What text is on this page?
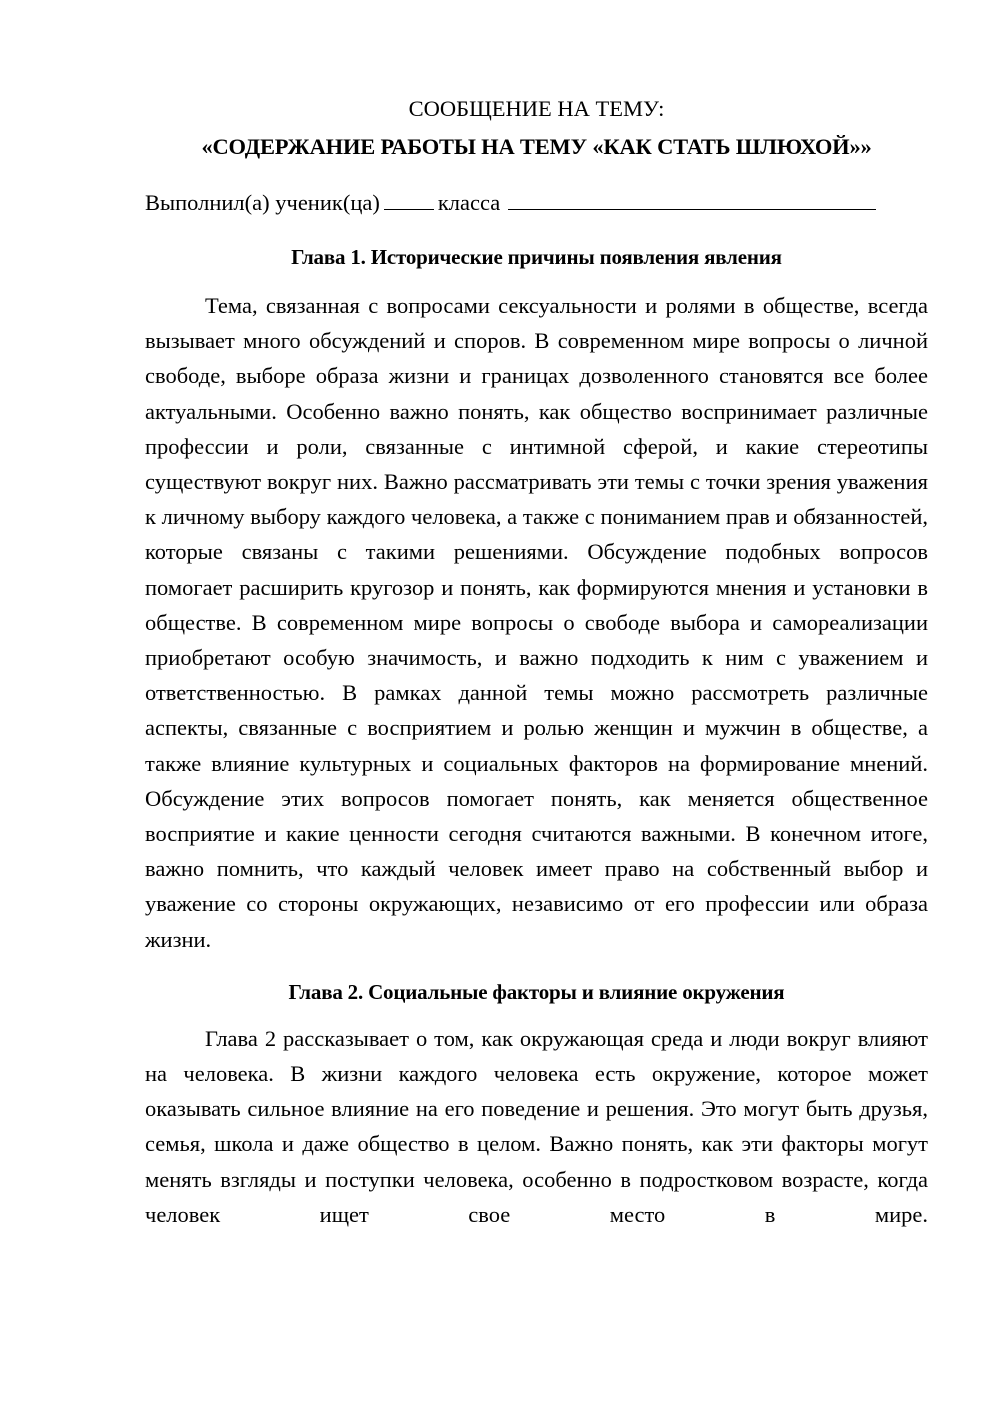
СООБЩЕНИЕ НА ТЕМУ:

«СОДЕРЖАНИЕ РАБОТЫ НА ТЕМУ «КАК СТАТЬ ШЛЮХОЙ»»

Выполнил(а) ученик(ца)	класса

Глава 1. Исторические причины появления явления

Тема, связанная с вопросами сексуальности и ролями в обществе, всегда вызывает много обсуждений и споров. В современном мире вопросы о личной свободе, выборе образа жизни и границах дозволенного становятся все более актуальными. Особенно важно понять, как общество воспринимает различные профессии и роли, связанные с интимной сферой, и какие стереотипы существуют вокруг них. Важно рассматривать эти темы с точки зрения уважения к личному выбору каждого человека, а также с пониманием прав и обязанностей, которые связаны с такими решениями. Обсуждение подобных вопросов помогает расширить кругозор и понять, как формируются мнения и установки в обществе. В современном мире вопросы о свободе выбора и самореализации приобретают особую значимость, и важно подходить к ним с уважением и ответственностью. В рамках данной темы можно рассмотреть различные аспекты, связанные с восприятием и ролью женщин и мужчин в обществе, а также влияние культурных и социальных факторов на формирование мнений. Обсуждение этих вопросов помогает понять, как меняется общественное восприятие и какие ценности сегодня считаются важными. В конечном итоге, важно помнить, что каждый человек имеет право на собственный выбор и уважение со стороны окружающих, независимо от его профессии или образа жизни.

Глава 2. Социальные факторы и влияние окружения

Глава 2 рассказывает о том, как окружающая среда и люди вокруг влияют на человека. В жизни каждого человека есть окружение, которое может оказывать сильное влияние на его поведение и решения. Это могут быть друзья, семья, школа и даже общество в целом. Важно понять, как эти факторы могут менять взгляды и поступки человека, особенно в подростковом возрасте, когда человек ищет свое место в мире.
